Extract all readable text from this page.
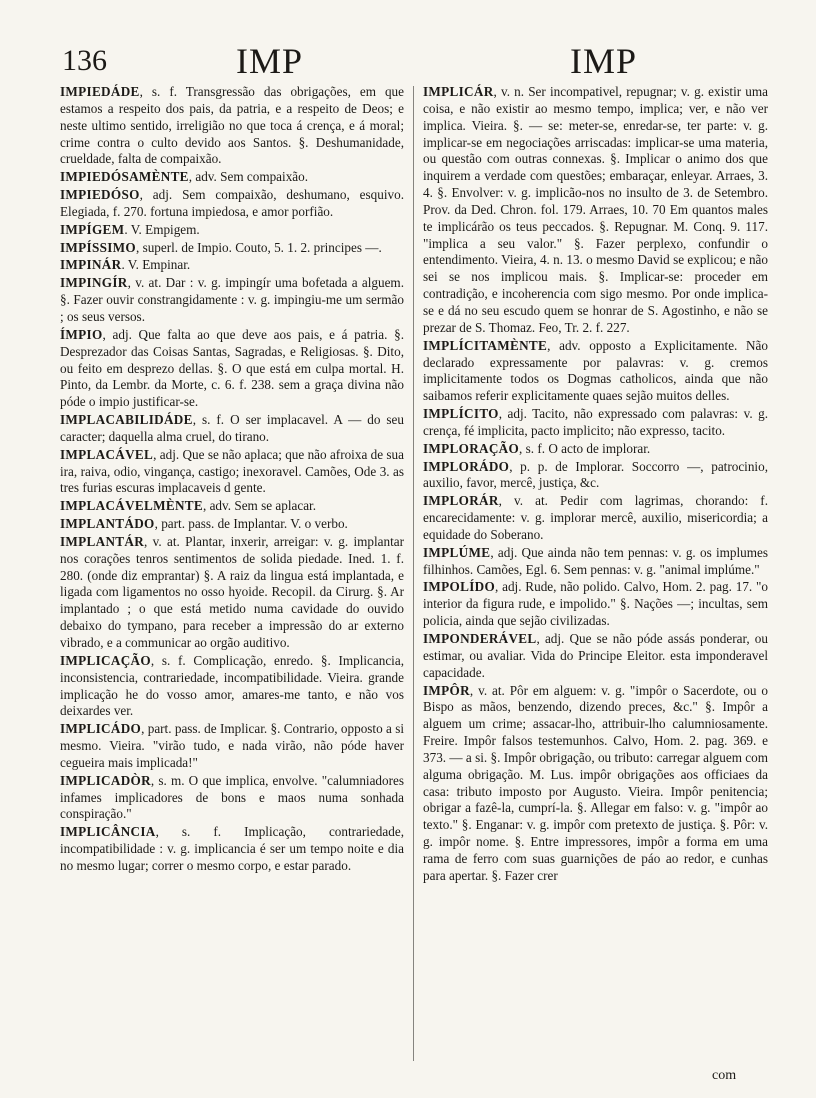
136	IMP	IMP

IMPIEDÁDE, s. f. Transgressão das obrigações, em que estamos a respeito dos pais, da patria, e a respeito de Deos; e neste ultimo sentido, irreligião no que toca á crença, e á moral; crime contra o culto devido aos Santos. §. Deshumanidade, crueldade, falta de compaixão.

IMPIEDÓSAMÈNTE, adv. Sem compaixão.

IMPIEDÓSO, adj. Sem compaixão, deshumano, esquivo. Elegiada, f. 270. fortuna impiedosa, e amor porfião.

IMPÍGEM. V. Empigem.

IMPÍSSIMO, superl. de Impio. Couto, 5. 1. 2. principes —.

IMPINÁR. V. Empinar.

IMPINGÍR, v. at. Dar : v. g. impingír uma bofetada a alguem. §. Fazer ouvir constrangidamente : v. g. impingiu-me um sermão ; os seus versos.

ÍMPIO, adj. Que falta ao que deve aos pais, e á patria. §. Desprezador das Coisas Santas, Sagradas, e Religiosas. §. Dito, ou feito em desprezo dellas. §. O que está em culpa mortal. H. Pinto, da Lembr. da Morte, c. 6. f. 238. sem a graça divina não póde o impio justificar-se.

IMPLACABILIDÁDE, s. f. O ser implacavel. A — do seu caracter; daquella alma cruel, do tirano.

IMPLACÁVEL, adj. Que se não aplaca; que não afroixa de sua ira, raiva, odio, vingança, castigo; inexoravel. Camões, Ode 3. as tres furias escuras implacaveis d gente.

IMPLACÁVELMÈNTE, adv. Sem se aplacar.

IMPLANTÁDO, part. pass. de Implantar. V. o verbo.

IMPLANTÁR, v. at. Plantar, inxerir, arreigar: v. g. implantar nos corações tenros sentimentos de solida piedade. Ined. 1. f. 280. (onde diz emprantar) §. A raiz da lingua está implantada, e ligada com ligamentos no osso hyoide. Recopil. da Cirurg. §. Ar implantado ; o que está metido numa cavidade do ouvido debaixo do tympano, para receber a impressão do ar externo vibrado, e a communicar ao orgão auditivo.

IMPLICAÇÃO, s. f. Complicação, enredo. §. Implicancia, inconsistencia, contrariedade, incompatibilidade. Vieira. grande implicação he do vosso amor, amares-me tanto, e não vos deixardes ver.

IMPLICÁDO, part. pass. de Implicar. §. Contrario, opposto a si mesmo. Vieira. "virão tudo, e nada virão, não póde haver cegueira mais implicada!"

IMPLICADÒR, s. m. O que implica, envolve. "calumniadores infames implicadores de bons e maos numa sonhada conspiração."

IMPLICÂNCIA, s. f. Implicação, contrariedade, incompatibilidade : v. g. implicancia é ser um tempo noite e dia no mesmo lugar; correr o mesmo corpo, e estar parado.

IMPLICÁR, v. n. Ser incompativel, repugnar; v. g. existir uma coisa, e não existir ao mesmo tempo, implica; ver, e não ver implica. Vieira. §. — se: meter-se, enredar-se, ter parte: v. g. implicar-se em negociações arriscadas: implicar-se uma materia, ou questão com outras connexas. §. Implicar o animo dos que inquirem a verdade com questões; embaraçar, enleyar. Arraes, 3. 4. §. Envolver: v. g. implicão-nos no insulto de 3. de Setembro. Prov. da Ded. Chron. fol. 179. Arraes, 10. 70 Em quantos males te implicárão os teus peccados. §. Repugnar. M. Conq. 9. 117. "implica a seu valor." §. Fazer perplexo, confundir o entendimento. Vieira, 4. n. 13. o mesmo David se explicou; e não sei se nos implicou mais. §. Implicar-se: proceder em contradição, e incoherencia com sigo mesmo. Por onde implica-se e dá no seu escudo quem se honrar de S. Agostinho, e não se prezar de S. Thomaz. Feo, Tr. 2. f. 227.

IMPLÍCITAMÈNTE, adv. opposto a Explicitamente. Não declarado expressamente por palavras: v. g. cremos implicitamente todos os Dogmas catholicos, ainda que não saibamos referir explicitamente quaes sejão muitos delles.

IMPLÍCITO, adj. Tacito, não expressado com palavras: v. g. crença, fé implicita, pacto implicito; não expresso, tacito.

IMPLORAÇÃO, s. f. O acto de implorar.

IMPLORÁDO, p. p. de Implorar. Soccorro —, patrocinio, auxilio, favor, mercê, justiça, &c.

IMPLORÁR, v. at. Pedir com lagrimas, chorando: f. encarecidamente: v. g. implorar mercê, auxilio, misericordia; a equidade do Soberano.

IMPLÚME, adj. Que ainda não tem pennas: v. g. os implumes filhinhos. Camões, Egl. 6. Sem pennas: v. g. "animal implúme."

IMPOLÍDO, adj. Rude, não polido. Calvo, Hom. 2. pag. 17. "o interior da figura rude, e impolido." §. Nações —; incultas, sem policia, ainda que sejão civilizadas.

IMPONDERÁVEL, adj. Que se não póde assás ponderar, ou estimar, ou avaliar. Vida do Principe Eleitor. esta imponderavel capacidade.

IMPÔR, v. at. Pôr em alguem: v. g. "impôr o Sacerdote, ou o Bispo as mãos, benzendo, dizendo preces, &c." §. Impôr a alguem um crime; assacar-lho, attribuir-lho calumniosamente. Freire. Impôr falsos testemunhos. Calvo, Hom. 2. pag. 369. e 373. — a si. §. Impôr obrigação, ou tributo: carregar alguem com alguma obrigação. M. Lus. impôr obrigações aos officiaes da casa: tributo imposto por Augusto. Vieira. Impôr penitencia; obrigar a fazê-la, cumprí-la. §. Allegar em falso: v. g. "impôr ao texto." §. Enganar: v. g. impôr com pretexto de justiça. §. Pôr: v. g. impôr nome. §. Entre impressores, impôr a forma em uma rama de ferro com suas guarnições de páo ao redor, e cunhas para apertar. §. Fazer crer

com
